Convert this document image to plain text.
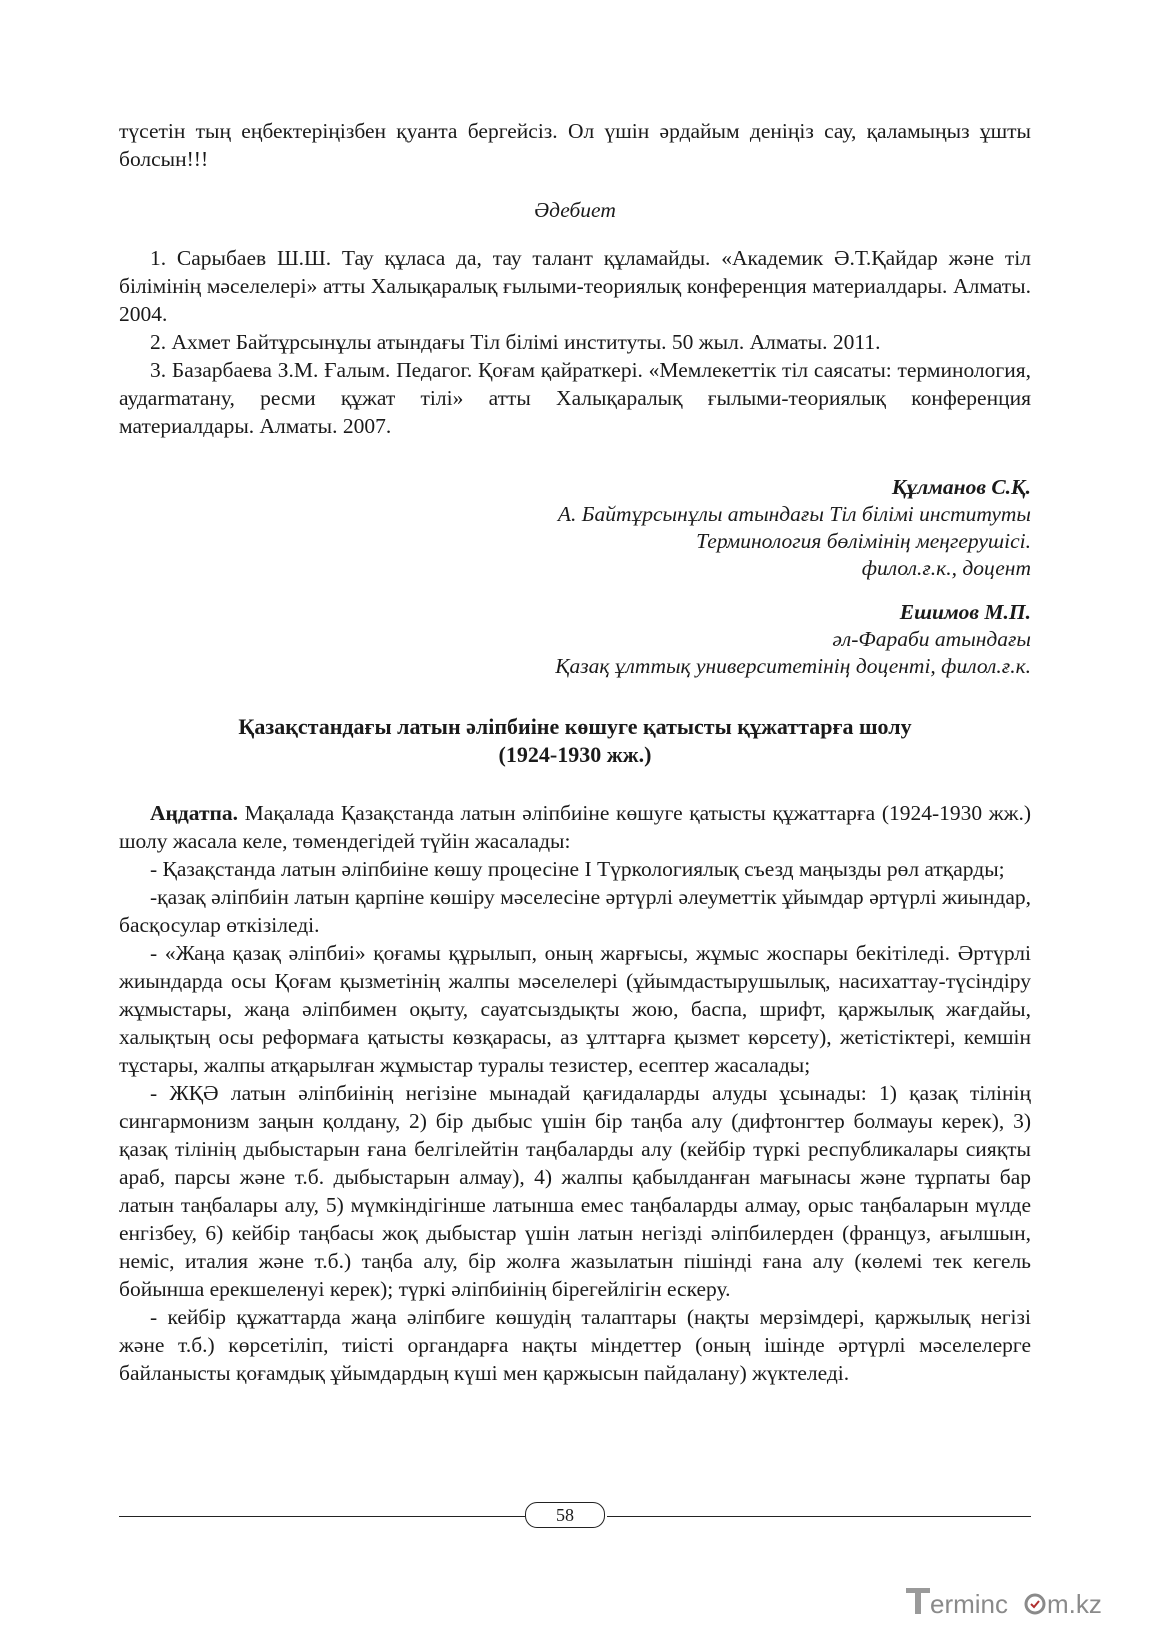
түсетін тың еңбектеріңізбен қуанта бергейсіз. Ол үшін әрдайым денiңіз сау, қаламыңыз ұшты болсын!!!

Әдебиет

1. Сарыбаев Ш.Ш. Тау құласа да, тау талант құламайды. «Академик Ә.Т.Қайдар және тіл білімінің мәселелері» атты Халықаралық ғылыми-теориялық конференция материалдары. Алматы. 2004.

2. Ахмет Байтұрсынұлы атындағы Тіл білімі институты. 50 жыл. Алматы. 2011.

3. Базарбаева З.М. Ғалым. Педагог. Қоғам қайраткері. «Мемлекеттік тіл саясаты: терминология, аудarmатану, ресми құжат тілі» атты Халықаралық ғылыми-теориялық конференция материалдары. Алматы. 2007.

Құлманов С.Қ.
А. Байтұрсынұлы атындағы Тіл білімі институты
Терминология бөлімінің меңгерушісі.
филол.ғ.к., доцент
Ешимов М.П.
әл-Фараби атындағы
Қазақ ұлттық университетінің доценті, филол.ғ.к.
Қазақстандағы латын әліпбиіне көшуге қатысты құжаттарға шолу
(1924-1930 жж.)

Аңдатпа. Мақалада Қазақстанда латын әліпбиіне көшуге қатысты құжаттарға (1924-1930 жж.) шолу жасала келе, төмендегідей түйін жасалады:

- Қазақстанда латын әліпбиіне көшу процесіне I Түркологиялық съезд маңызды рөл атқарды;

-қазақ әліпбиін латын қарпіне көшіру мәселесіне әртүрлі әлеуметтік ұйымдар әртүрлі жиындар, басқосулар өткізіледі.

- «Жаңа қазақ әліпбиі» қоғамы құрылып, оның жарғысы, жұмыс жоспары бекітіледі. Әртүрлі жиындарда осы Қоғам қызметінің жалпы мәселелері (ұйымдастырушылық, насихаттау-түсіндіру жұмыстары, жаңа әліпбимен оқыту, сауатсыздықты жою, баспа, шрифт, қаржылық жағдайы, халықтың осы реформаға қатысты көзқарасы, аз ұлттарға қызмет көрсету), жетістіктері, кемшін тұстары, жалпы атқарылған жұмыстар туралы тезистер, есептер жасалады;

- ЖҚӘ латын әліпбиінің негізіне мынадай қағидаларды алуды ұсынады: 1) қазақ тілінің сингармонизм заңын қолдану, 2) бір дыбыс үшін бір таңба алу (дифтонгтер болмауы керек), 3) қазақ тілінің дыбыстарын ғана белгілейтін таңбаларды алу (кейбір түркі республикалары сияқты араб, парсы және т.б. дыбыстарын алмау), 4) жалпы қабылданған мағынасы және тұрпаты бар латын таңбалары алу, 5) мүмкіндігінше латынша емес таңбаларды алмау, орыс таңбаларын мүлде енгізбеу, 6) кейбір таңбасы жоқ дыбыстар үшін латын негізді әліпбилерден (француз, ағылшын, неміс, италия және т.б.) таңба алу, бір жолға жазылатын пішінді ғана алу (көлемі тек кегель бойынша ерекшеленуі керек); түркі әліпбиінің бірегейлігін ескеру.

- кейбір құжаттарда жаңа әліпбиге көшудің талаптары (нақты мерзімдері, қаржылық негізі және т.б.) көрсетіліп, тиісті органдарға нақты міндеттер (оның ішінде әртүрлі мәселелерге байланысты қоғамдық ұйымдардың күші мен қаржысын пайдалану) жүктеледі.

58
erminc m.kz
